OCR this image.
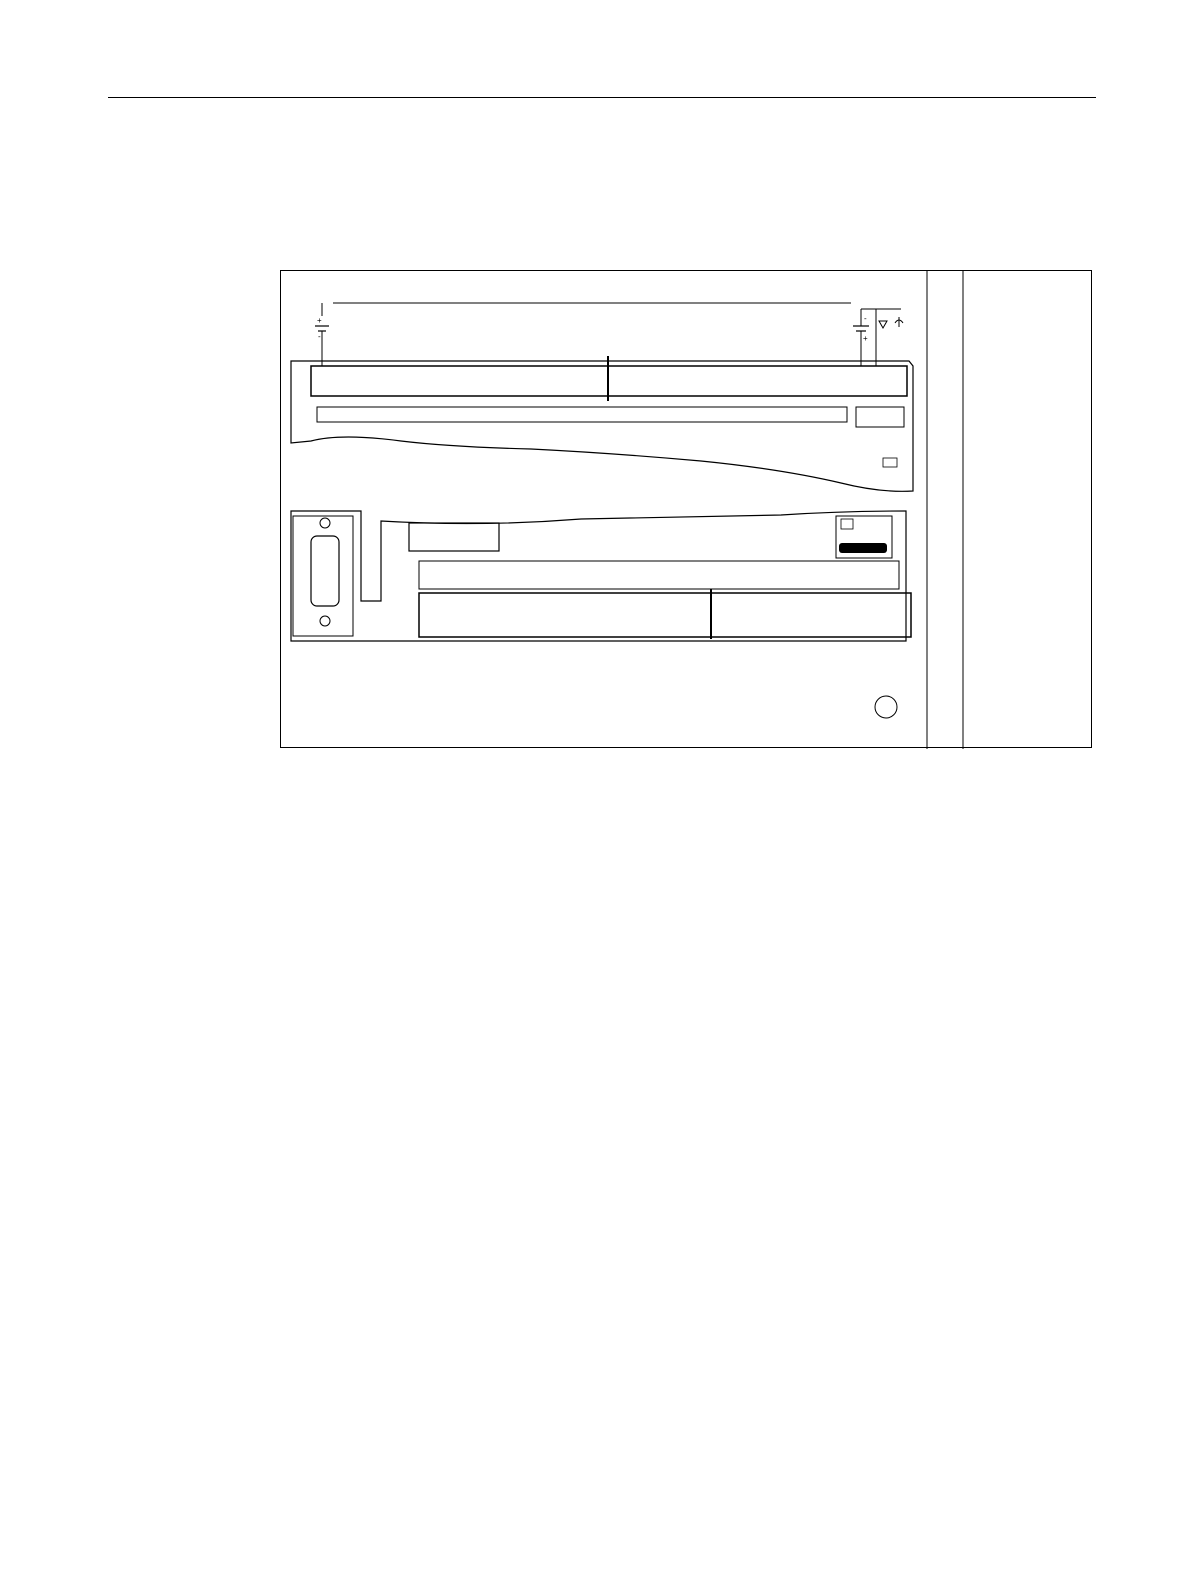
+
-	+
-
